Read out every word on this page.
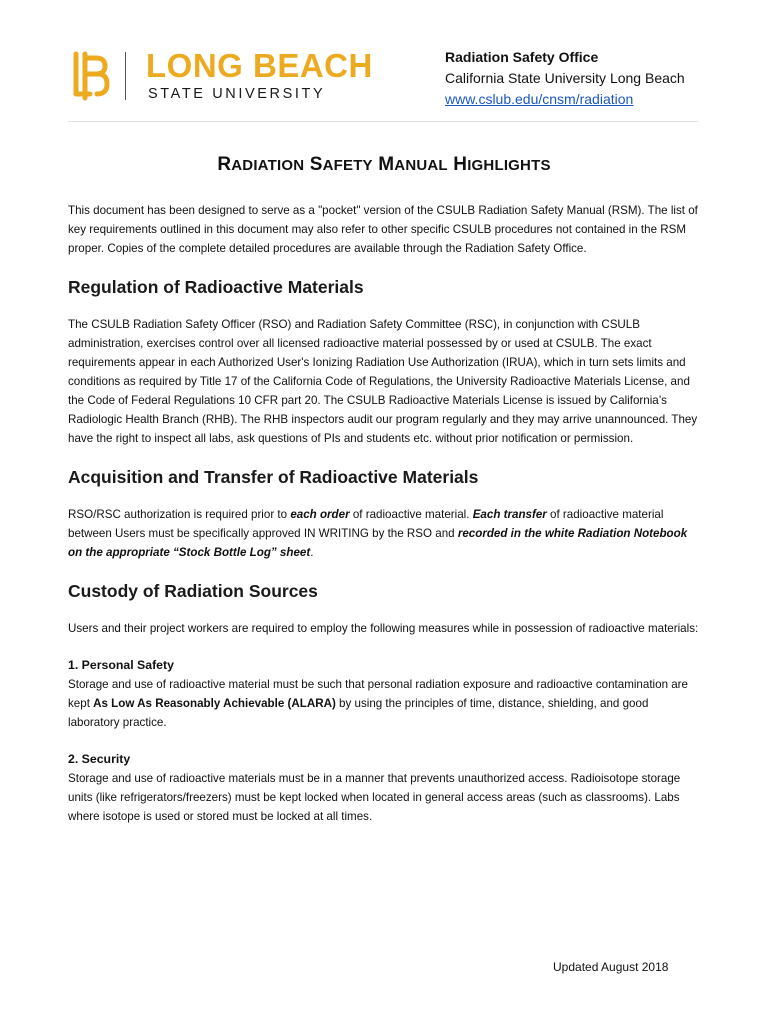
LONG BEACH
STATE UNIVERSITY
Radiation Safety Office
California State University Long Beach
www.cslub.edu/cnsm/radiation
RADIATION SAFETY MANUAL HIGHLIGHTS

This document has been designed to serve as a "pocket" version of the CSULB Radiation Safety Manual (RSM). The list of key requirements outlined in this document may also refer to other specific CSULB procedures not contained in the RSM proper. Copies of the complete detailed procedures are available through the Radiation Safety Office.

Regulation of Radioactive Materials

The CSULB Radiation Safety Officer (RSO) and Radiation Safety Committee (RSC), in conjunction with CSULB administration, exercises control over all licensed radioactive material possessed by or used at CSULB. The exact requirements appear in each Authorized User's Ionizing Radiation Use Authorization (IRUA), which in turn sets limits and conditions as required by Title 17 of the California Code of Regulations, the University Radioactive Materials License, and the Code of Federal Regulations 10 CFR part 20. The CSULB Radioactive Materials License is issued by California’s Radiologic Health Branch (RHB). The RHB inspectors audit our program regularly and they may arrive unannounced. They have the right to inspect all labs, ask questions of PIs and students etc. without prior notification or permission.

Acquisition and Transfer of Radioactive Materials

RSO/RSC authorization is required prior to each order of radioactive material. Each transfer of radioactive material between Users must be specifically approved IN WRITING by the RSO and recorded in the white Radiation Notebook on the appropriate “Stock Bottle Log” sheet.

Custody of Radiation Sources

Users and their project workers are required to employ the following measures while in possession of radioactive materials:

1. Personal Safety

Storage and use of radioactive material must be such that personal radiation exposure and radioactive contamination are kept As Low As Reasonably Achievable (ALARA) by using the principles of time, distance, shielding, and good laboratory practice.

2. Security

Storage and use of radioactive materials must be in a manner that prevents unauthorized access. Radioisotope storage units (like refrigerators/freezers) must be kept locked when located in general access areas (such as classrooms). Labs where isotope is used or stored must be locked at all times.

Updated August 2018
